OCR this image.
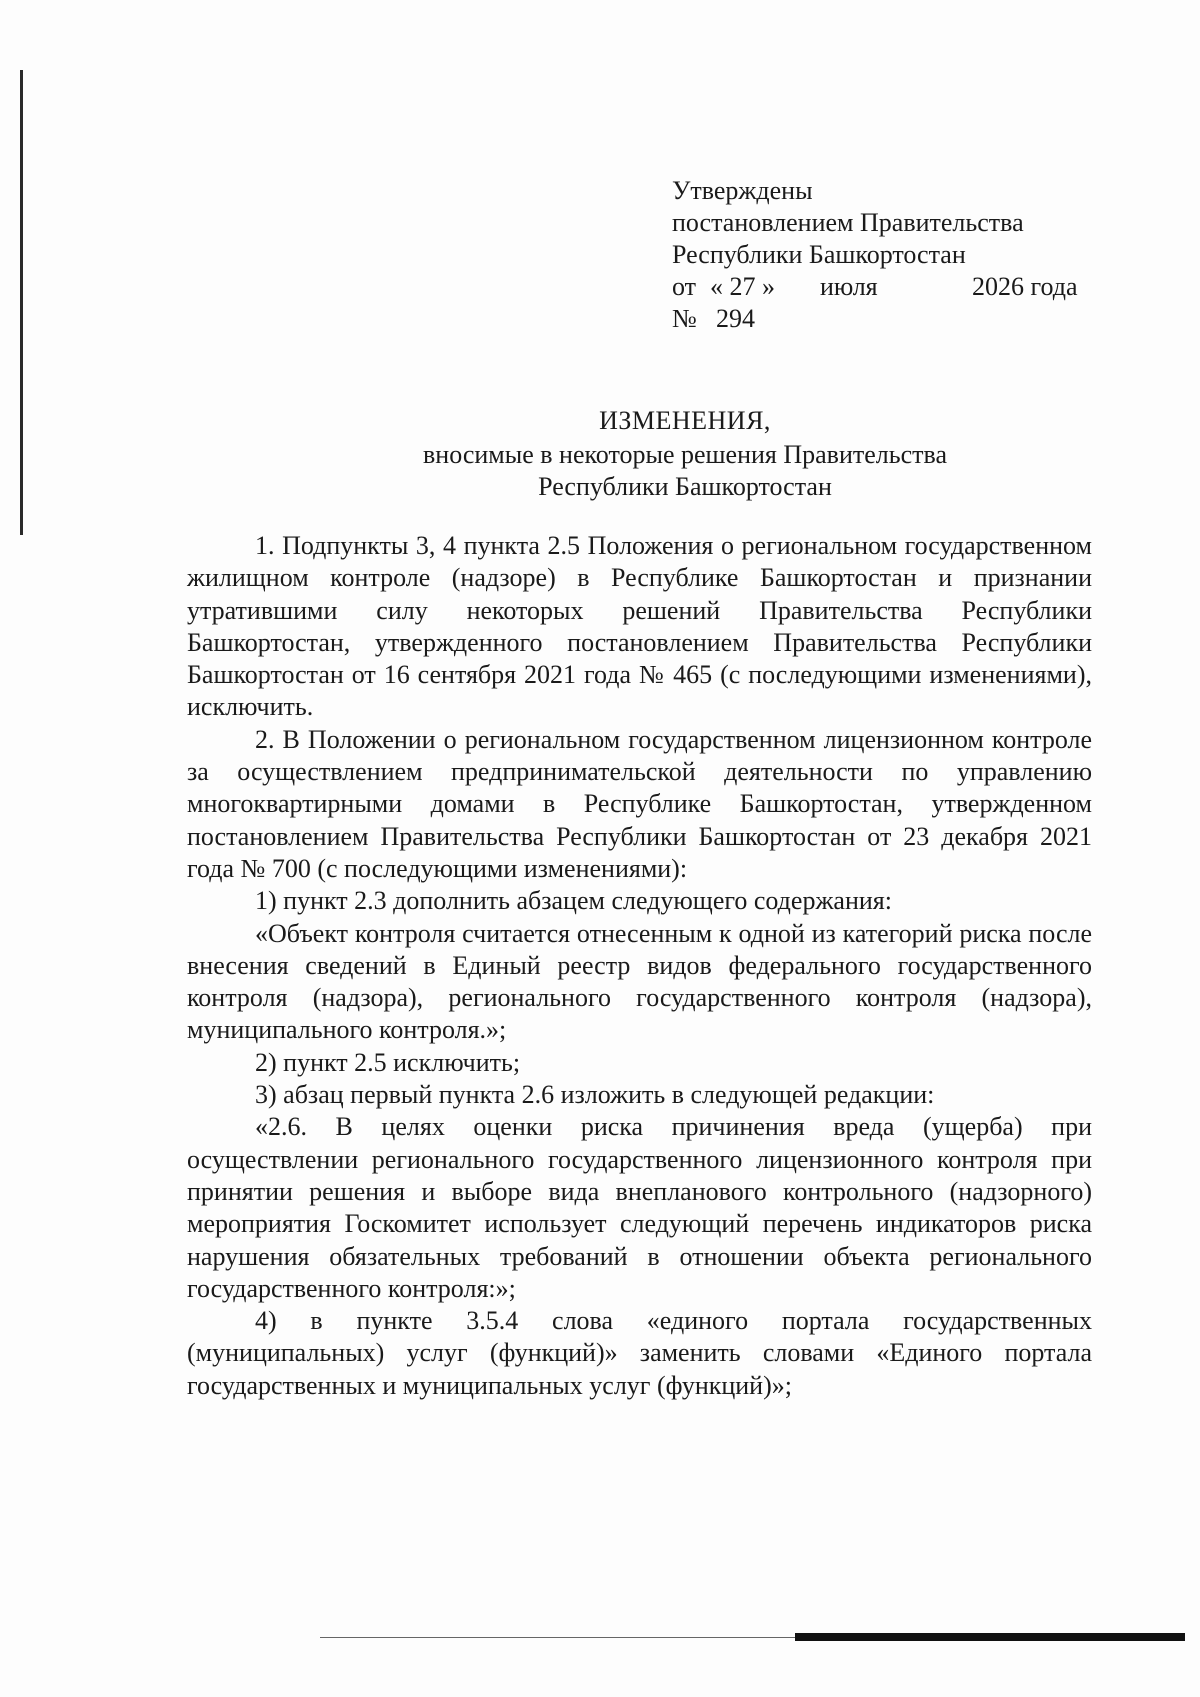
Утверждены
постановлением Правительства
Республики Башкортостан
от « 27 » июля	2026 года
№ 294
ИЗМЕНЕНИЯ,
вносимые в некоторые решения Правительства
Республики Башкортостан

1. Подпункты 3, 4 пункта 2.5 Положения о региональном государственном жилищном контроле (надзоре) в Республике Башкортостан и признании утратившими силу некоторых решений Правительства Республики Башкортостан, утвержденного постановлением Правительства Республики Башкортостан от 16 сентября 2021 года № 465 (с последующими изменениями), исключить.

2. В Положении о региональном государственном лицензионном контроле за осуществлением предпринимательской деятельности по управлению многоквартирными домами в Республике Башкортостан, утвержденном постановлением Правительства Республики Башкортостан от 23 декабря 2021 года № 700 (с последующими изменениями):

1) пункт 2.3 дополнить абзацем следующего содержания:

«Объект контроля считается отнесенным к одной из категорий риска после внесения сведений в Единый реестр видов федерального государственного контроля (надзора), регионального государственного контроля (надзора), муниципального контроля.»;

2) пункт 2.5 исключить;

3) абзац первый пункта 2.6 изложить в следующей редакции:

«2.6. В целях оценки риска причинения вреда (ущерба) при осуществлении регионального государственного лицензионного контроля при принятии решения и выборе вида внепланового контрольного (надзорного) мероприятия Госкомитет использует следующий перечень индикаторов риска нарушения обязательных требований в отношении объекта регионального государственного контроля:»;

4) в пункте 3.5.4 слова «единого портала государственных (муниципальных) услуг (функций)» заменить словами «Единого портала государственных и муниципальных услуг (функций)»;
